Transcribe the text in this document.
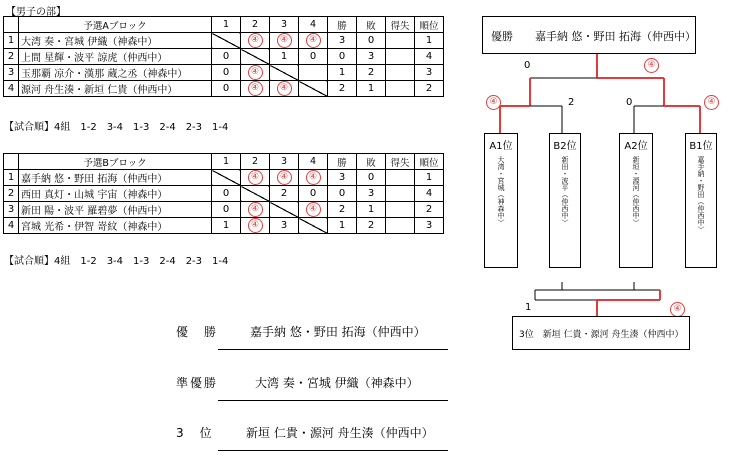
【男子の部】
	予選Aブロック	1	2	3	4	勝	敗	得失	順位
1	大湾 奏・宮城 伊織（神森中）		④	④	④	3	0		1
2	上間 星輝・波平 諒虎（仲西中）	0		1	0	0	3		4
3	玉那覇 凉介・漢那 蔵之丞（神森中）	0	④			1	2		3
4	源河 舟生湊・新垣 仁貴（仲西中）	0	④	④		2	1		2
【試合順】4組　1-2　3-4　1-3　2-4　2-3　1-4
	予選Bブロック	1	2	3	4	勝	敗	得失	順位
1	嘉手納 悠・野田 拓海（仲西中）		④	④	④	3	0		1
2	西田 真灯・山城 宇宙（神森中）	0		2	0	0	3		4
3	新田 陽・波平 羅碧夢（仲西中）	0	④		④	2	1		2
4	宮城 光希・伊智 嵜紋（神森中）	1	④	3		1	2		3
【試合順】4組　1-2　3-4　1-3　2-4　2-3　1-4
優勝　　嘉手納 悠・野田 拓海（仲西中）
0	④
④	2	0	④
A1位
大湾・宮城（神森中）
B2位
新田・波平（仲西中）
A2位
新垣・源河（仲西中）
B1位
嘉手納・野田（仲西中）
1	④
3位　新垣 仁貴・源河 舟生湊（仲西中）
優　勝	嘉手納 悠・野田 拓海（仲西中）
準優勝	大湾 奏・宮城 伊織（神森中）
3　位	新垣 仁貴・源河 舟生湊（仲西中）
